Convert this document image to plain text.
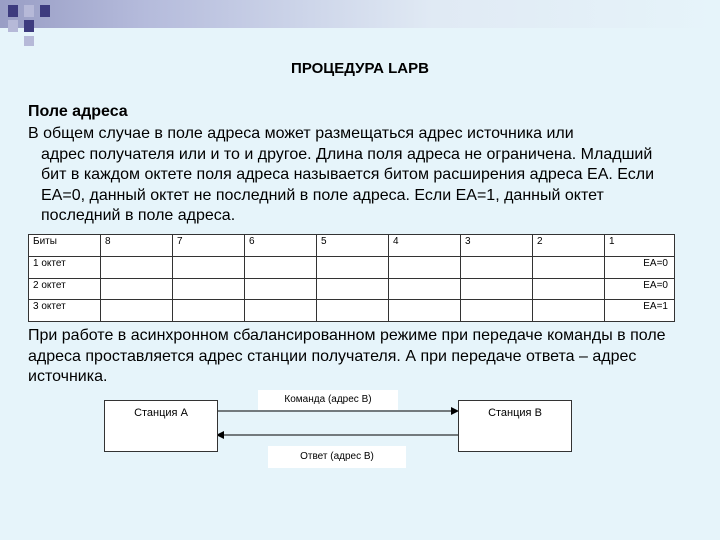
ПРОЦЕДУРА LAPB
Поле адреса
В общем случае в поле адреса может размещаться адрес источника или
адрес получателя или и то и другое. Длина поля адреса не ограничена. Младший бит в каждом октете поля адреса называется битом расширения адреса ЕА. Если ЕА=0, данный октет не последний в поле адреса. Если ЕА=1, данный октет последний в поле адреса.
Биты	8	7	6	5	4	3	2	1
1 октет								ЕА=0
2 октет								ЕА=0
3 октет								ЕА=1
При работе в асинхронном сбалансированном режиме при передаче команды в поле адреса проставляется адрес станции получателя. А при передаче ответа – адрес источника.
Станция А	Станция В
Команда (адрес В)
Ответ (адрес В)
